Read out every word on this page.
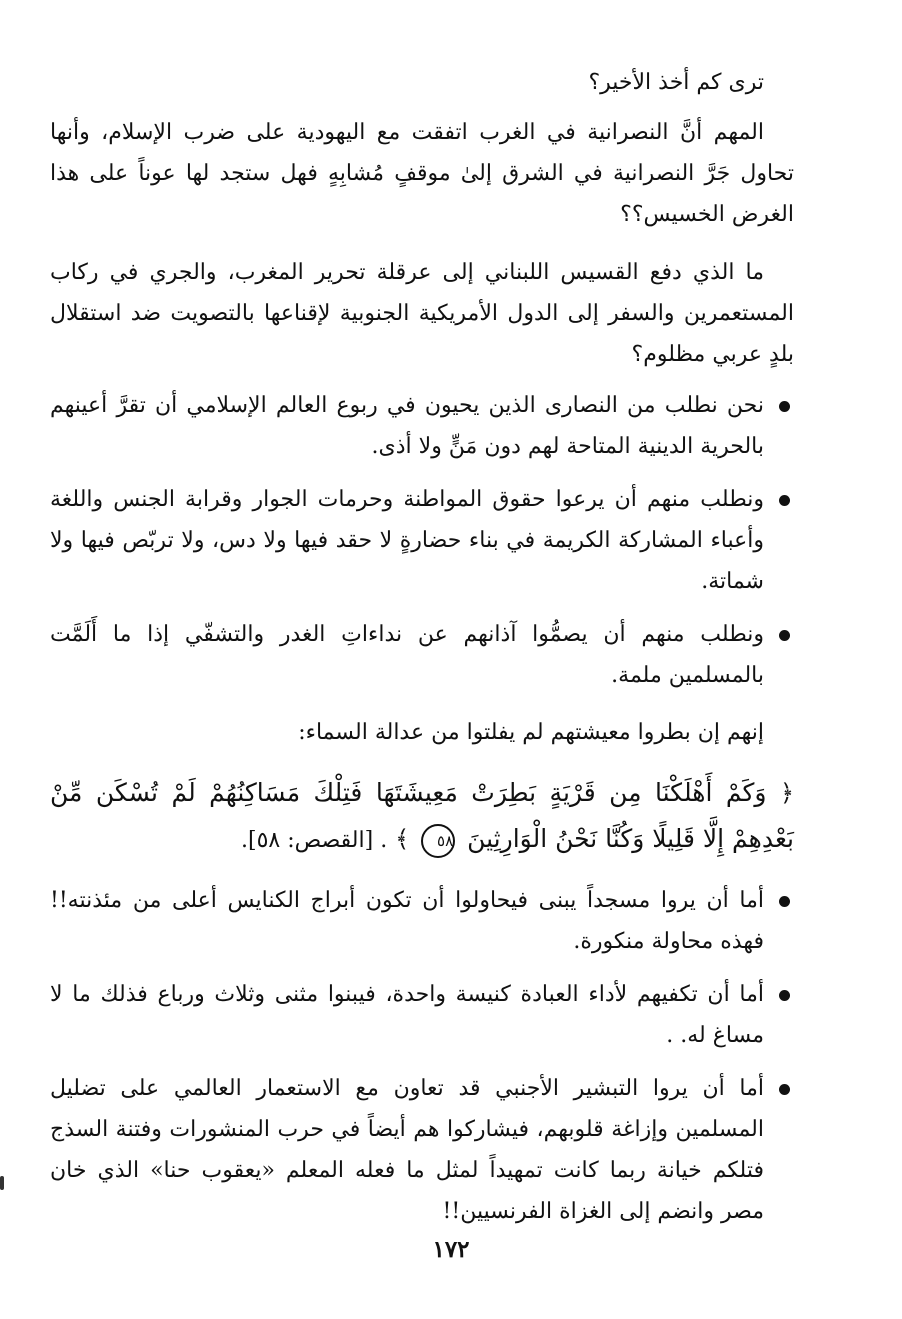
ترى كم أخذ الأخير؟

المهم أنَّ النصرانية في الغرب اتفقت مع اليهودية على ضرب الإسلام، وأنها تحاول جَرَّ النصرانية في الشرق إلىٰ موقفٍ مُشابِهٍ فهل ستجد لها عوناً على هذا الغرض الخسيس؟؟

ما الذي دفع القسيس اللبناني إلى عرقلة تحرير المغرب، والجري في ركاب المستعمرين والسفر إلى الدول الأمريكية الجنوبية لإقناعها بالتصويت ضد استقلال بلدٍ عربي مظلوم؟

نحن نطلب من النصارى الذين يحيون في ربوع العالم الإسلامي أن تقرَّ أعينهم بالحرية الدينية المتاحة لهم دون مَنٍّ ولا أذى.
ونطلب منهم أن يرعوا حقوق المواطنة وحرمات الجوار وقرابة الجنس واللغة وأعباء المشاركة الكريمة في بناء حضارةٍ لا حقد فيها ولا دس، ولا تربّص فيها ولا شماتة.
ونطلب منهم أن يصمُّوا آذانهم عن نداءاتِ الغدر والتشفّي إذا ما أَلَمَّت بالمسلمين ملمة.

إنهم إن بطروا معيشتهم لم يفلتوا من عدالة السماء:

﴿ وَكَمْ أَهْلَكْنَا مِن قَرْيَةٍ بَطِرَتْ مَعِيشَتَهَا فَتِلْكَ مَسَاكِنُهُمْ لَمْ تُسْكَن مِّنْ بَعْدِهِمْ إِلَّا قَلِيلًا وَكُنَّا نَحْنُ الْوَارِثِينَ ٥٨ ﴾ . [القصص: ٥٨].

أما أن يروا مسجداً يبنى فيحاولوا أن تكون أبراج الكنايس أعلى من مئذنته!! فهذه محاولة منكورة.
أما أن تكفيهم لأداء العبادة كنيسة واحدة، فيبنوا مثنى وثلاث ورباع فذلك ما لا مساغ له. .
أما أن يروا التبشير الأجنبي قد تعاون مع الاستعمار العالمي على تضليل المسلمين وإزاغة قلوبهم، فيشاركوا هم أيضاً في حرب المنشورات وفتنة السذج فتلكم خيانة ربما كانت تمهيداً لمثل ما فعله المعلم «يعقوب حنا» الذي خان مصر وانضم إلى الغزاة الفرنسيين!!
١٧٢
